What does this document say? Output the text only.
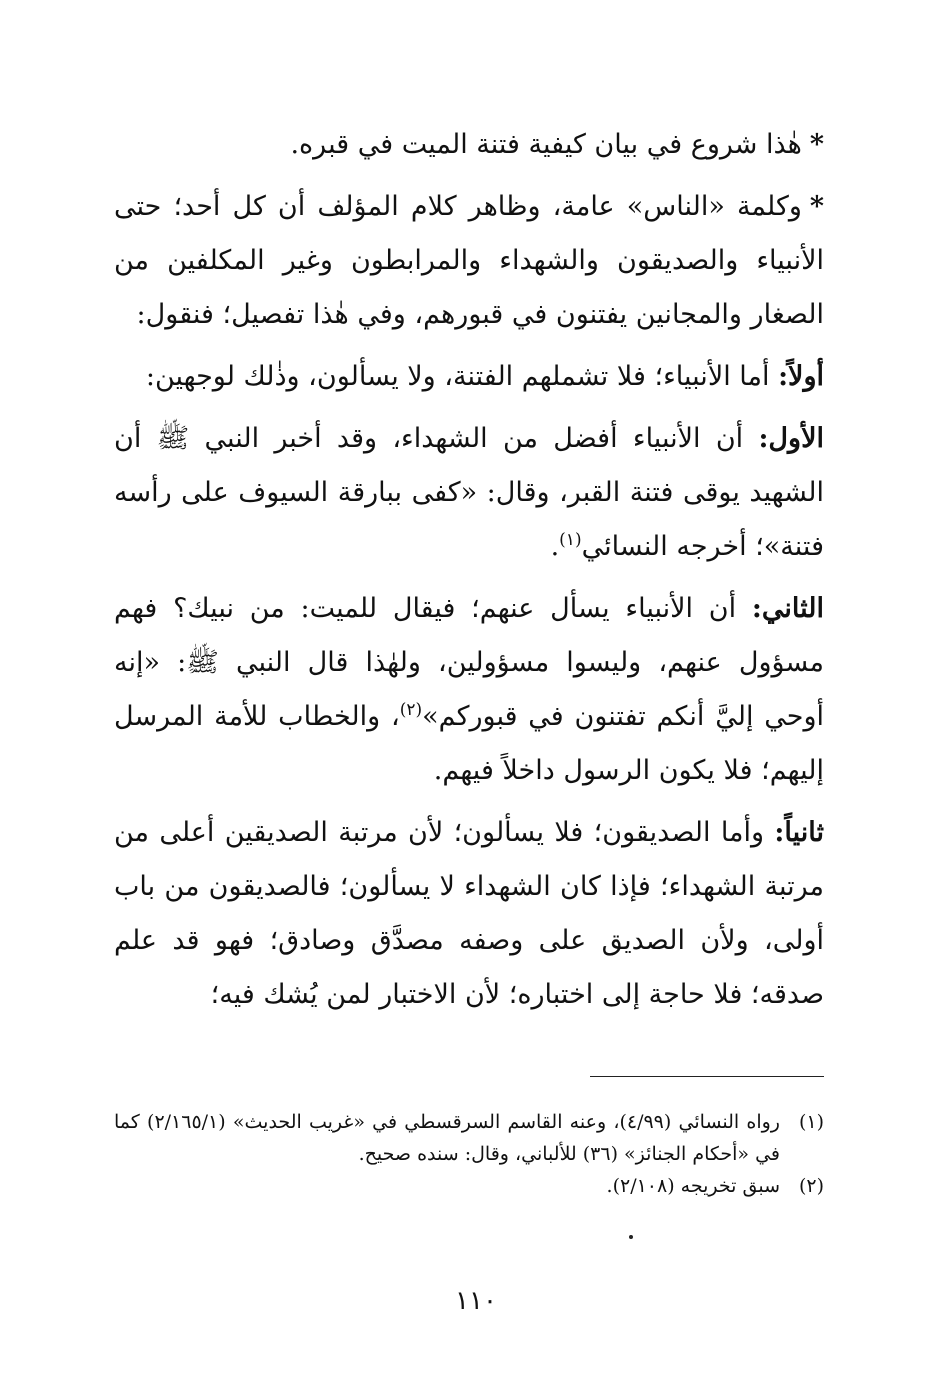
*هٰذا شروع في بيان كيفية فتنة الميت في قبره.

*وكلمة «الناس» عامة، وظاهر كلام المؤلف أن كل أحد؛ حتى الأنبياء والصديقون والشهداء والمرابطون وغير المكلفين من الصغار والمجانين يفتنون في قبورهم، وفي هٰذا تفصيل؛ فنقول:

أولاً: أما الأنبياء؛ فلا تشملهم الفتنة، ولا يسألون، وذٰلك لوجهين:

الأول: أن الأنبياء أفضل من الشهداء، وقد أخبر النبي ﷺ أن الشهيد يوقى فتنة القبر، وقال: «كفى ببارقة السيوف على رأسه فتنة»؛ أخرجه النسائي$^{(١)}$.

الثاني: أن الأنبياء يسأل عنهم؛ فيقال للميت: من نبيك؟ فهم مسؤول عنهم، وليسوا مسؤولين، ولهٰذا قال النبي ﷺ: «إنه أوحي إليَّ أنكم تفتنون في قبوركم»$^{(٢)}$، والخطاب للأمة المرسل إليهم؛ فلا يكون الرسول داخلاً فيهم.

ثانياً: وأما الصديقون؛ فلا يسألون؛ لأن مرتبة الصديقين أعلى من مرتبة الشهداء؛ فإذا كان الشهداء لا يسألون؛ فالصديقون من باب أولى، ولأن الصديق على وصفه مصدَّق وصادق؛ فهو قد علم صدقه؛ فلا حاجة إلى اختباره؛ لأن الاختبار لمن يُشك فيه؛

(١)
رواه النسائي (٤/٩٩)، وعنه القاسم السرقسطي في «غريب الحديث» (٢/١٦٥/١) كما في «أحكام الجنائز» (٣٦) للألباني، وقال: سنده صحيح.
(٢)
سبق تخريجه (٢/١٠٨).
١١٠
